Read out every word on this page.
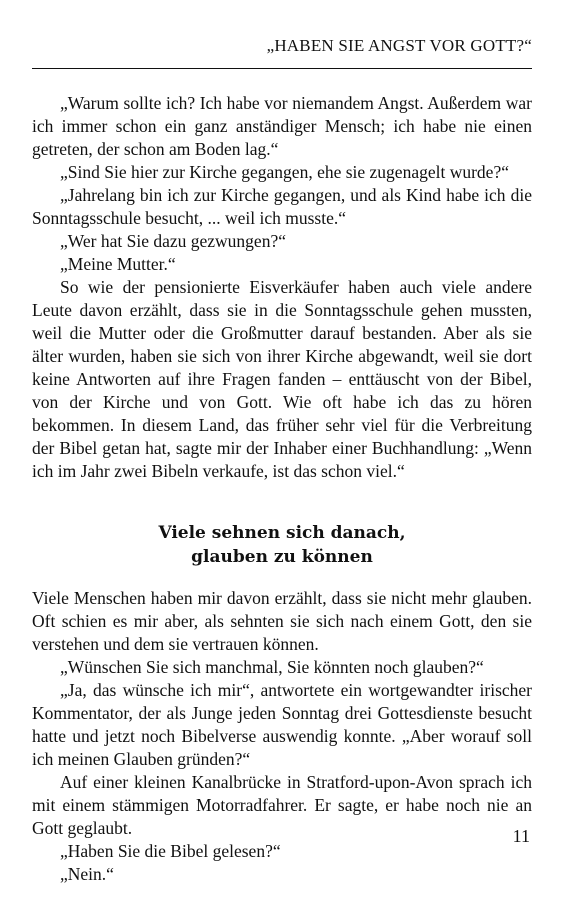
„HABEN SIE ANGST VOR GOTT?“

„Warum sollte ich? Ich habe vor niemandem Angst. Außerdem war ich immer schon ein ganz anständiger Mensch; ich habe nie einen getreten, der schon am Boden lag.“

„Sind Sie hier zur Kirche gegangen, ehe sie zugenagelt wurde?“

„Jahrelang bin ich zur Kirche gegangen, und als Kind habe ich die Sonntagsschule besucht, ... weil ich musste.“

„Wer hat Sie dazu gezwungen?“

„Meine Mutter.“

So wie der pensionierte Eisverkäufer haben auch viele andere Leute davon erzählt, dass sie in die Sonntagsschule gehen mussten, weil die Mutter oder die Großmutter darauf bestanden. Aber als sie älter wurden, haben sie sich von ihrer Kirche abgewandt, weil sie dort keine Antworten auf ihre Fragen fanden – enttäuscht von der Bibel, von der Kirche und von Gott. Wie oft habe ich das zu hören bekommen. In diesem Land, das früher sehr viel für die Verbreitung der Bibel getan hat, sagte mir der Inhaber einer Buchhandlung: „Wenn ich im Jahr zwei Bibeln verkaufe, ist das schon viel.“

Viele sehnen sich danach,
glauben zu können

Viele Menschen haben mir davon erzählt, dass sie nicht mehr glauben. Oft schien es mir aber, als sehnten sie sich nach einem Gott, den sie verstehen und dem sie vertrauen können.

„Wünschen Sie sich manchmal, Sie könnten noch glauben?“

„Ja, das wünsche ich mir“, antwortete ein wortgewandter irischer Kommentator, der als Junge jeden Sonntag drei Gottesdienste besucht hatte und jetzt noch Bibelverse auswendig konnte. „Aber worauf soll ich meinen Glauben gründen?“

Auf einer kleinen Kanalbrücke in Stratford-upon-Avon sprach ich mit einem stämmigen Motorradfahrer. Er sagte, er habe noch nie an Gott geglaubt.

„Haben Sie die Bibel gelesen?“

„Nein.“

11
